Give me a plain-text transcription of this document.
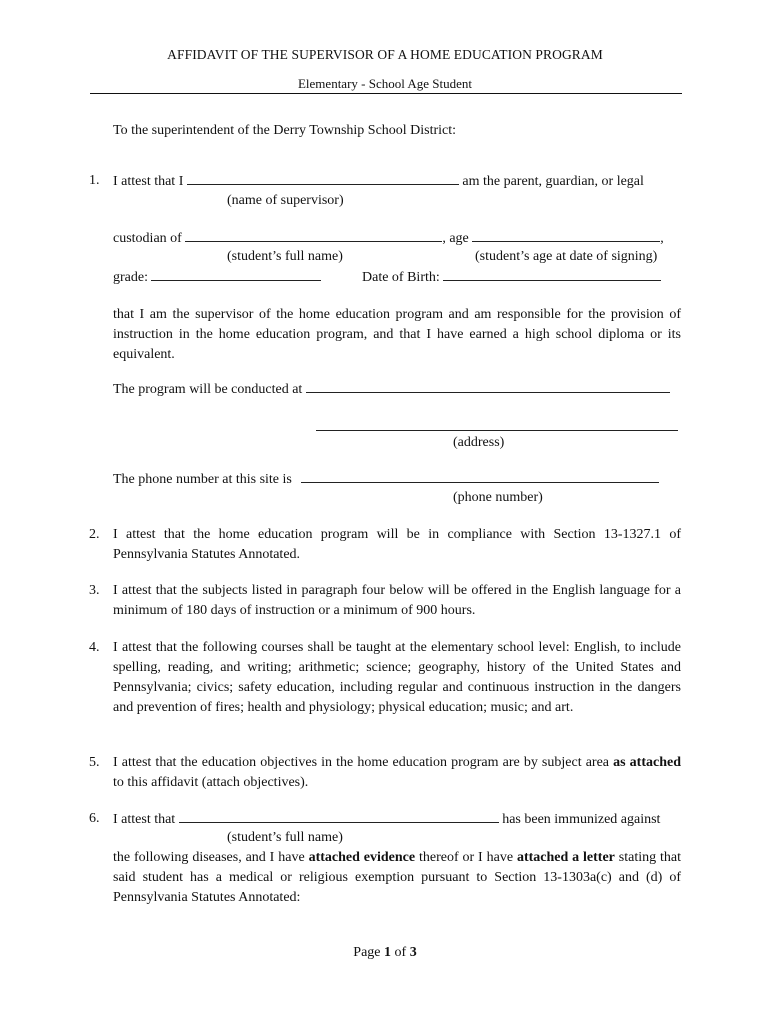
AFFIDAVIT OF THE SUPERVISOR OF A HOME EDUCATION PROGRAM
Elementary - School Age Student
To the superintendent of the Derry Township School District:
1. I attest that I	am the parent, guardian, or legal
(name of supervisor)
custodian of	, age	,
(student’s full name)	(student’s age at date of signing)
grade:	Date of Birth:
that I am the supervisor of the home education program and am responsible for the provision of instruction in the home education program, and that I have earned a high school diploma or its equivalent.
The program will be conducted at
(address)
The phone number at this site is
(phone number)
2. I attest that the home education program will be in compliance with Section 13-1327.1 of Pennsylvania Statutes Annotated.
3. I attest that the subjects listed in paragraph four below will be offered in the English language for a minimum of 180 days of instruction or a minimum of 900 hours.
4. I attest that the following courses shall be taught at the elementary school level: English, to include spelling, reading, and writing; arithmetic; science; geography, history of the United States and Pennsylvania; civics; safety education, including regular and continuous instruction in the dangers and prevention of fires; health and physiology; physical education; music; and art.
5. I attest that the education objectives in the home education program are by subject area as attached to this affidavit (attach objectives).
6. I attest that	has been immunized against
(student’s full name)
the following diseases, and I have attached evidence thereof or I have attached a letter stating that said student has a medical or religious exemption pursuant to Section 13-1303a(c) and (d) of Pennsylvania Statutes Annotated:
Page 1 of 3
